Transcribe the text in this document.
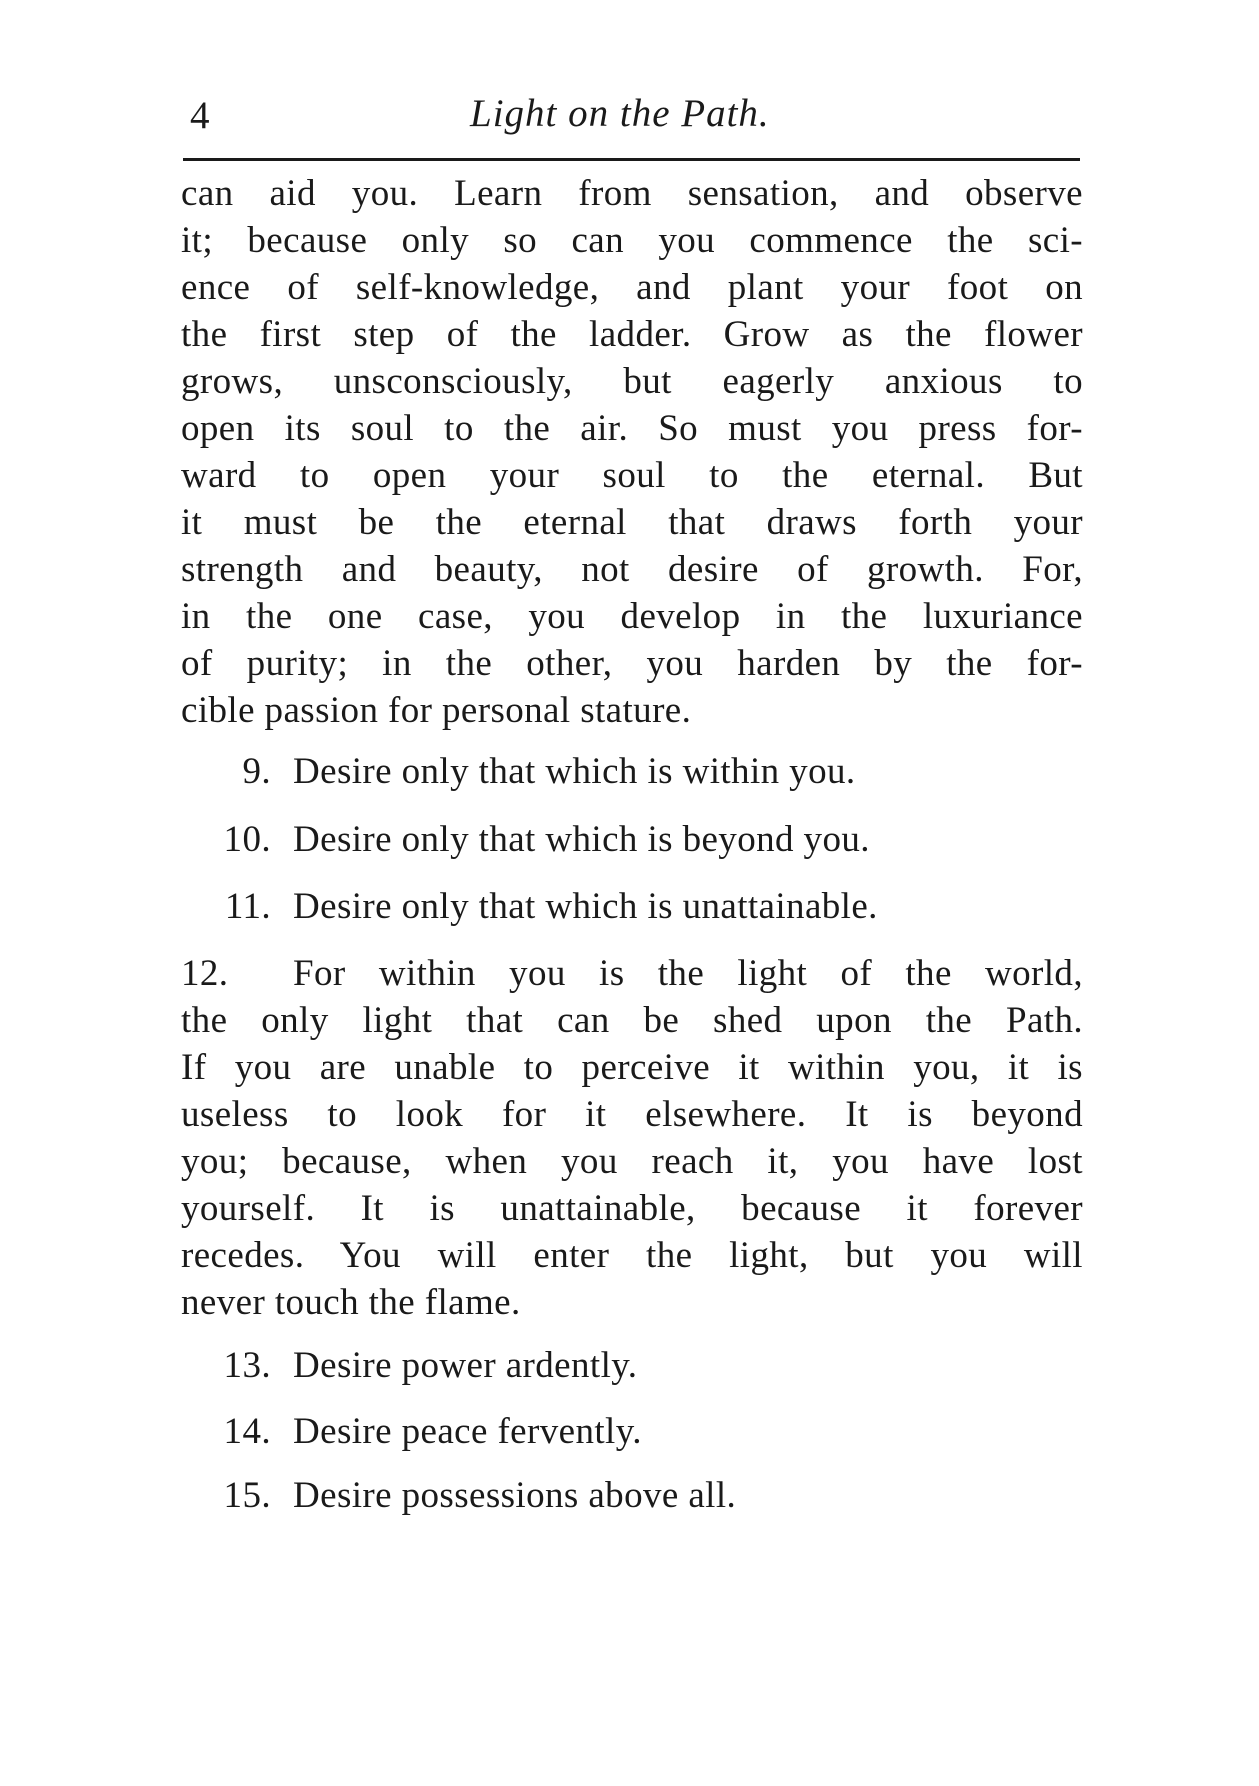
4	Light on the Path.
can aid you. Learn from sensation, and observe
it; because only so can you commence the sci-
ence of self-knowledge, and plant your foot on
the first step of the ladder. Grow as the flower
grows, unsconsciously, but eagerly anxious to
open its soul to the air. So must you press for-
ward to open your soul to the eternal. But
it must be the eternal that draws forth your
strength and beauty, not desire of growth. For,
in the one case, you develop in the luxuriance
of purity; in the other, you harden by the for-
cible passion for personal stature.
9. Desire only that which is within you.
10. Desire only that which is beyond you.
11. Desire only that which is unattainable.
12. For within you is the light of the world,
the only light that can be shed upon the Path.
If you are unable to perceive it within you, it is
useless to look for it elsewhere. It is beyond
you; because, when you reach it, you have lost
yourself. It is unattainable, because it forever
recedes. You will enter the light, but you will
never touch the flame.
13. Desire power ardently.
14. Desire peace fervently.
15. Desire possessions above all.
